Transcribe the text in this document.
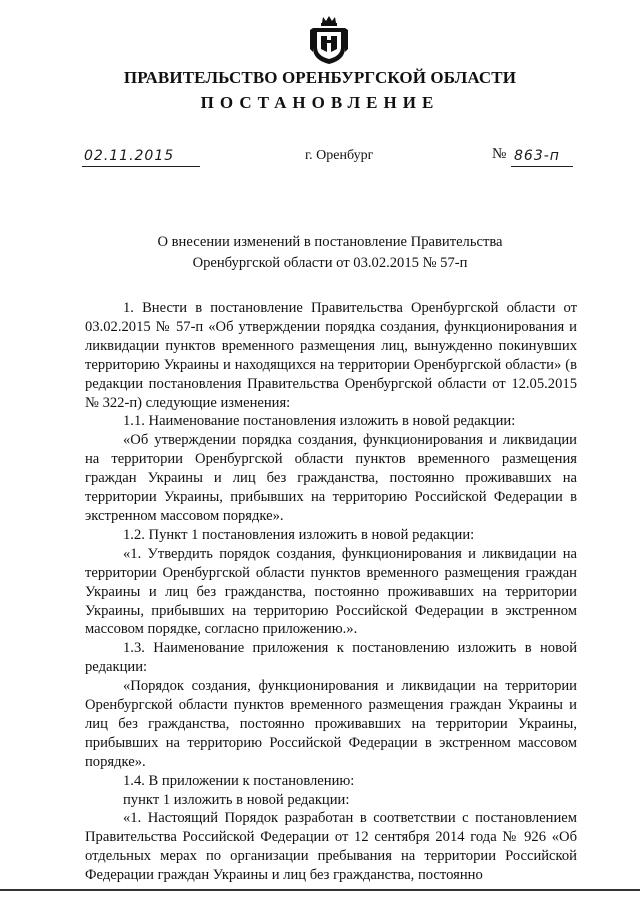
ПРАВИТЕЛЬСТВО ОРЕНБУРГСКОЙ ОБЛАСТИ
ПОСТАНОВЛЕНИЕ
02.11.2015	г. Оренбург	№ 863-п
О внесении изменений в постановление Правительства
Оренбургской области от 03.02.2015 № 57-п

1. Внести в постановление Правительства Оренбургской области от 03.02.2015 № 57-п «Об утверждении порядка создания, функционирования и ликвидации пунктов временного размещения лиц, вынужденно покинувших территорию Украины и находящихся на территории Оренбургской области» (в редакции постановления Правительства Оренбургской области от 12.05.2015 № 322-п) следующие изменения:

1.1. Наименование постановления изложить в новой редакции:

«Об утверждении порядка создания, функционирования и ликвидации на территории Оренбургской области пунктов временного размещения граждан Украины и лиц без гражданства, постоянно проживавших на территории Украины, прибывших на территорию Российской Федерации в экстренном массовом порядке».

1.2. Пункт 1 постановления изложить в новой редакции:

«1. Утвердить порядок создания, функционирования и ликвидации на территории Оренбургской области пунктов временного размещения граждан Украины и лиц без гражданства, постоянно проживавших на территории Украины, прибывших на территорию Российской Федерации в экстренном массовом порядке, согласно приложению.».

1.3. Наименование приложения к постановлению изложить в новой редакции:

«Порядок создания, функционирования и ликвидации на территории Оренбургской области пунктов временного размещения граждан Украины и лиц без гражданства, постоянно проживавших на территории Украины, прибывших на территорию Российской Федерации в экстренном массовом порядке».

1.4. В приложении к постановлению:

пункт 1 изложить в новой редакции:

«1. Настоящий Порядок разработан в соответствии с постановлением Правительства Российской Федерации от 12 сентября 2014 года № 926 «Об отдельных мерах по организации пребывания на территории Российской Федерации граждан Украины и лиц без гражданства, постоянно
